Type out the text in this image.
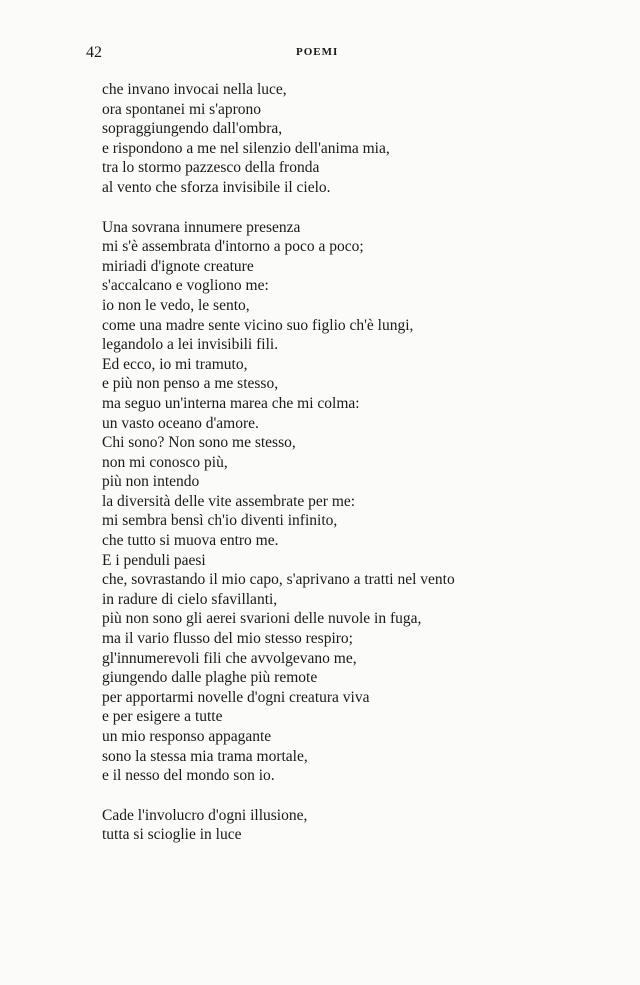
42	POEMI
che invano invocai nella luce,
ora spontanei mi s'aprono
sopraggiungendo dall'ombra,
e rispondono a me nel silenzio dell'anima mia,
tra lo stormo pazzesco della fronda
al vento che sforza invisibile il cielo.
Una sovrana innumere presenza
mi s'è assembrata d'intorno a poco a poco;
miriadi d'ignote creature
s'accalcano e vogliono me:
io non le vedo, le sento,
come una madre sente vicino suo figlio ch'è lungi,
legandolo a lei invisibili fili.
Ed ecco, io mi tramuto,
e più non penso a me stesso,
ma seguo un'interna marea che mi colma:
un vasto oceano d'amore.
Chi sono? Non sono me stesso,
non mi conosco più,
più non intendo
la diversità delle vite assembrate per me:
mi sembra bensì ch'io diventi infinito,
che tutto si muova entro me.
E i penduli paesi
che, sovrastando il mio capo, s'aprivano a tratti nel vento
in radure di cielo sfavillanti,
più non sono gli aerei svarioni delle nuvole in fuga,
ma il vario flusso del mio stesso respiro;
gl'innumerevoli fili che avvolgevano me,
giungendo dalle plaghe più remote
per apportarmi novelle d'ogni creatura viva
e per esigere a tutte
un mio responso appagante
sono la stessa mia trama mortale,
e il nesso del mondo son io.
Cade l'involucro d'ogni illusione,
tutta si scioglie in luce
